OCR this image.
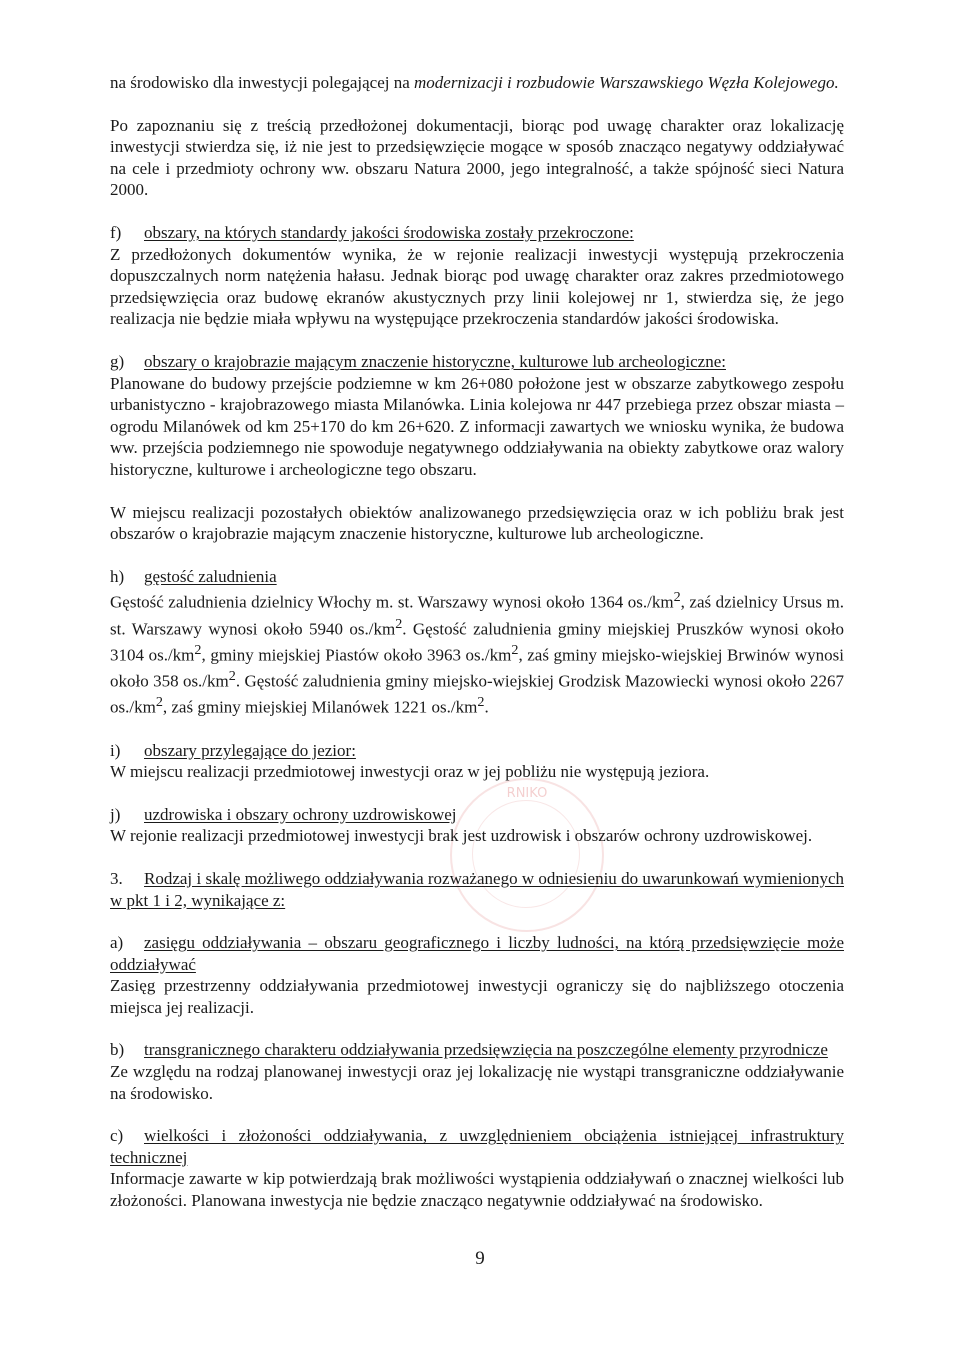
RNIKO

na środowisko dla inwestycji polegającej na modernizacji i rozbudowie Warszawskiego Węzła Kolejowego.

Po zapoznaniu się z treścią przedłożonej dokumentacji, biorąc pod uwagę charakter oraz lokalizację inwestycji stwierdza się, iż nie jest to przedsięwzięcie mogące w sposób znacząco negatywy oddziaływać na cele i przedmioty ochrony ww. obszaru Natura 2000, jego integralność, a także spójność sieci Natura 2000.

f) obszary, na których standardy jakości środowiska zostały przekroczone:

Z przedłożonych dokumentów wynika, że w rejonie realizacji inwestycji występują przekroczenia dopuszczalnych norm natężenia hałasu. Jednak biorąc pod uwagę charakter oraz zakres przedmiotowego przedsięwzięcia oraz budowę ekranów akustycznych przy linii kolejowej nr 1, stwierdza się, że jego realizacja nie będzie miała wpływu na występujące przekroczenia standardów jakości środowiska.

g) obszary o krajobrazie mającym znaczenie historyczne, kulturowe lub archeologiczne:

Planowane do budowy przejście podziemne w km 26+080 położone jest w obszarze zabytkowego zespołu urbanistyczno - krajobrazowego miasta Milanówka. Linia kolejowa nr 447 przebiega przez obszar miasta – ogrodu Milanówek od km 25+170 do km 26+620. Z informacji zawartych we wniosku wynika, że budowa ww. przejścia podziemnego nie spowoduje negatywnego oddziaływania na obiekty zabytkowe oraz walory historyczne, kulturowe i archeologiczne tego obszaru.

W miejscu realizacji pozostałych obiektów analizowanego przedsięwzięcia oraz w ich pobliżu brak jest obszarów o krajobrazie mającym znaczenie historyczne, kulturowe lub archeologiczne.

h) gęstość zaludnienia

Gęstość zaludnienia dzielnicy Włochy m. st. Warszawy wynosi około 1364 $os./km^2$, zaś dzielnicy Ursus m. st. Warszawy wynosi około 5940 $os./km^2$. Gęstość zaludnienia gminy miejskiej Pruszków wynosi około 3104 $os./km^2$, gminy miejskiej Piastów około 3963 $os./km^2$, zaś gminy miejsko-wiejskiej Brwinów wynosi około 358 $os./km^2$. Gęstość zaludnienia gminy miejsko-wiejskiej Grodzisk Mazowiecki wynosi około 2267 $os./km^2$, zaś gminy miejskiej Milanówek 1221 $os./km^2$.

i) obszary przylegające do jezior:

W miejscu realizacji przedmiotowej inwestycji oraz w jej pobliżu nie występują jeziora.

j) uzdrowiska i obszary ochrony uzdrowiskowej

W rejonie realizacji przedmiotowej inwestycji brak jest uzdrowisk i obszarów ochrony uzdrowiskowej.

3. Rodzaj i skalę możliwego oddziaływania rozważanego w odniesieniu do uwarunkowań wymienionych w pkt 1 i 2, wynikające z:

a) zasięgu oddziaływania – obszaru geograficznego i liczby ludności, na którą przedsięwzięcie może oddziaływać

Zasięg przestrzenny oddziaływania przedmiotowej inwestycji ograniczy się do najbliższego otoczenia miejsca jej realizacji.

b) transgranicznego charakteru oddziaływania przedsięwzięcia na poszczególne elementy przyrodnicze

Ze względu na rodzaj planowanej inwestycji oraz jej lokalizację nie wystąpi transgraniczne oddziaływanie na środowisko.

c) wielkości i złożoności oddziaływania, z uwzględnieniem obciążenia istniejącej infrastruktury technicznej

Informacje zawarte w kip potwierdzają brak możliwości wystąpienia oddziaływań o znacznej wielkości lub złożoności. Planowana inwestycja nie będzie znacząco negatywnie oddziaływać na środowisko.

9
